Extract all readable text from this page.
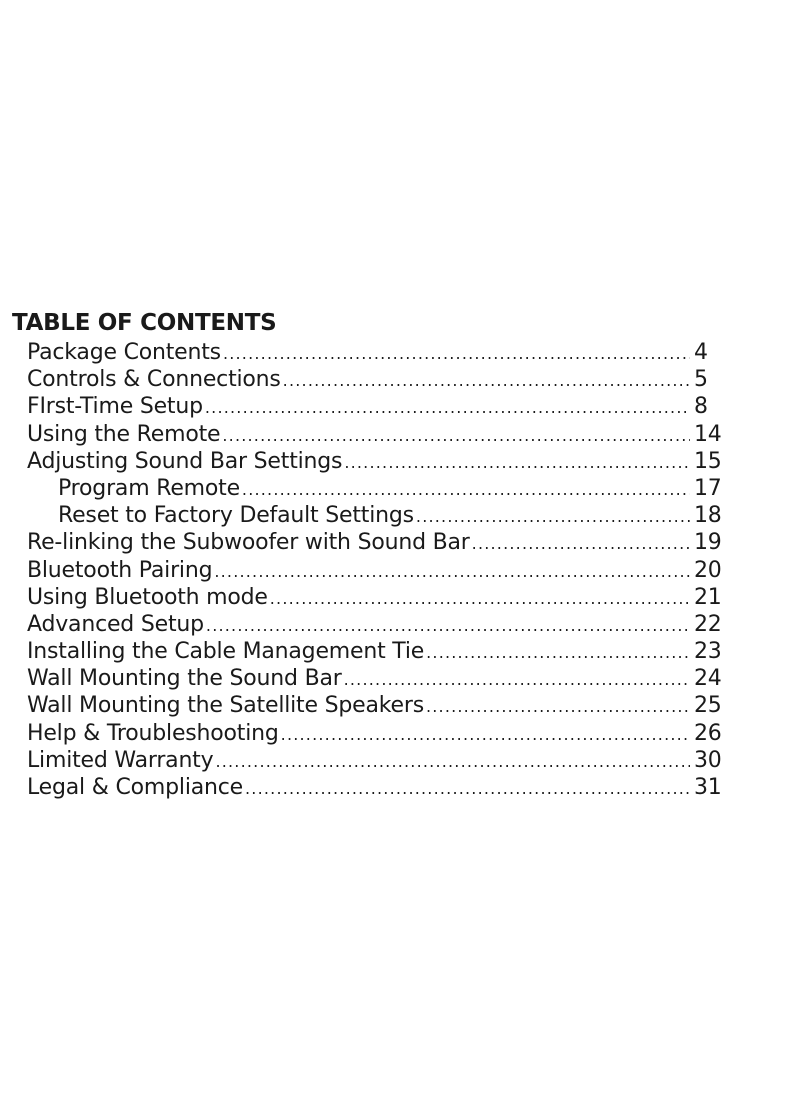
TABLE OF CONTENTS
Package Contents .....	4
Controls & Connections .....	5
FIrst-Time Setup .....	8
Using the Remote .....	14
Adjusting Sound Bar Settings .....	15
Program Remote .....	17
Reset to Factory Default Settings .....	18
Re-linking the Subwoofer with Sound Bar .....	19
Bluetooth Pairing .....	20
Using Bluetooth mode .....	21
Advanced Setup .....	22
Installing the Cable Management Tie .....	23
Wall Mounting the Sound Bar .....	24
Wall Mounting the Satellite Speakers .....	25
Help & Troubleshooting .....	26
Limited Warranty .....	30
Legal & Compliance .....	31
